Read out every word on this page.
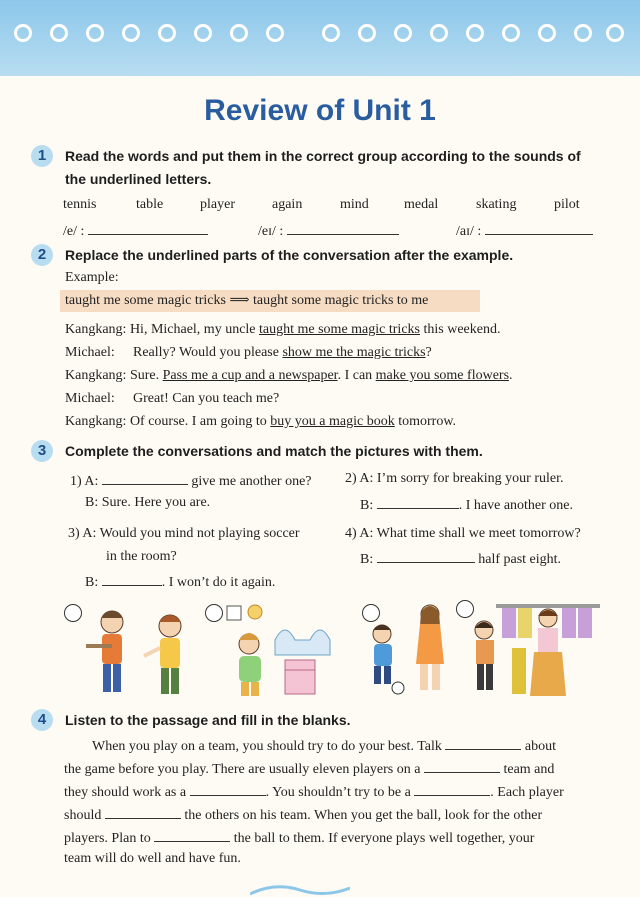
Review of Unit 1
1	Read the words and put them in the correct group according to the sounds of the underlined letters.
tennis	table	player	again	mind	medal	skating	pilot
/e/ :	/eɪ/ :	/aɪ/ :
2	Replace the underlined parts of the conversation after the example.
Example:
taught me some magic tricks ⟹ taught some magic tricks to me
Kangkang: Hi, Michael, my uncle taught me some magic tricks this weekend.
Michael: Really? Would you please show me the magic tricks?
Kangkang: Sure. Pass me a cup and a newspaper. I can make you some flowers.
Michael: Great! Can you teach me?
Kangkang: Of course. I am going to buy you a magic book tomorrow.
3	Complete the conversations and match the pictures with them.
1) A:	give me another one?
B: Sure. Here you are.
2) A: I’m sorry for breaking your ruler.
B:	. I have another one.
3) A: Would you mind not playing soccer
in the room?
B:	. I won’t do it again.
4) A: What time shall we meet tomorrow?
B:	half past eight.
4	Listen to the passage and fill in the blanks.
When you play on a team, you should try to do your best. Talk	about
the game before you play. There are usually eleven players on a	team and
they should work as a	. You shouldn’t try to be a	. Each player
should	the others on his team. When you get the ball, look for the other
players. Plan to	the ball to them. If everyone plays well together, your
team will do well and have fun.
